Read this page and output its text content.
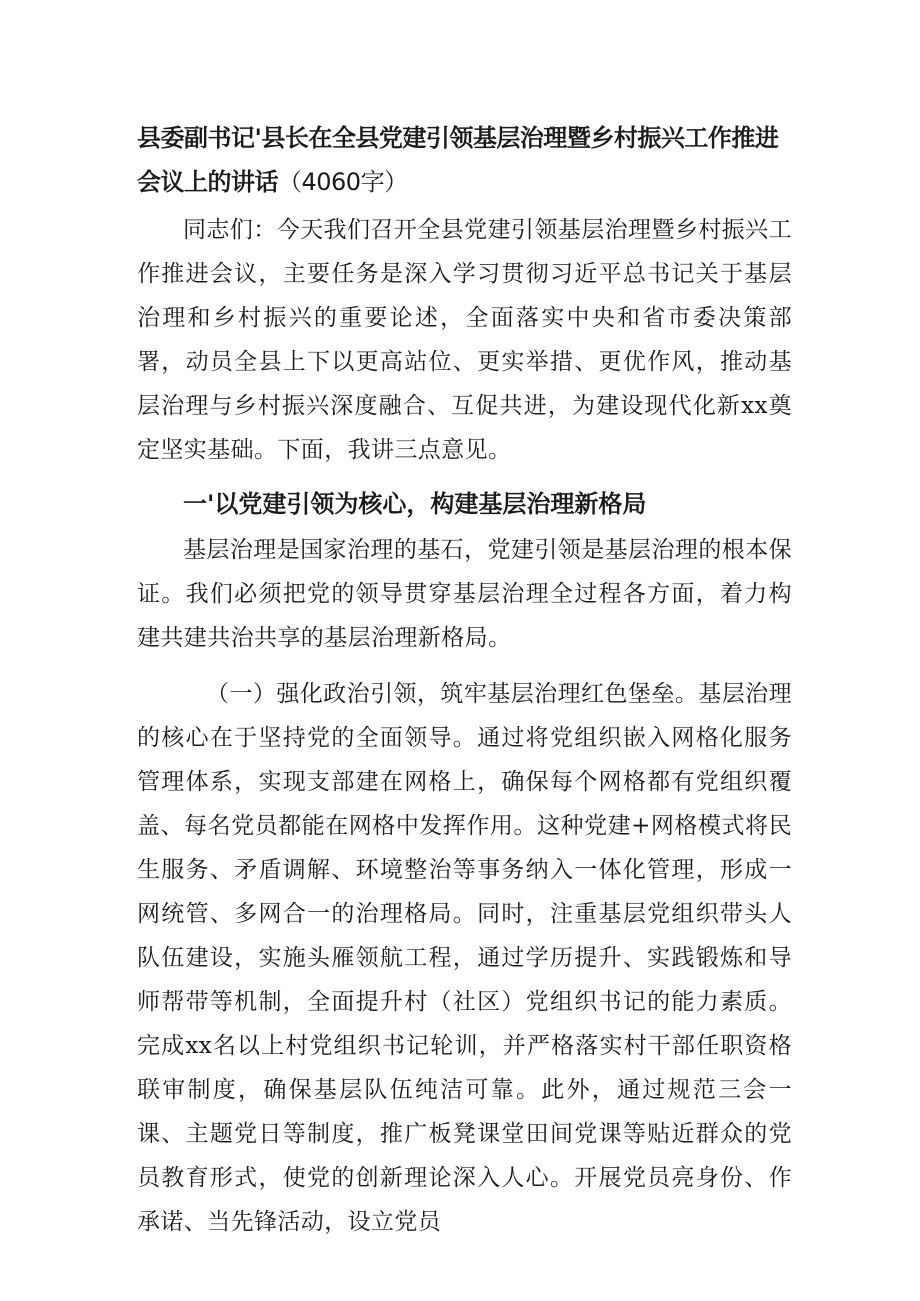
县委副书记'县长在全县党建引领基层治理暨乡村振兴工作推进会议上的讲话（4060字）

同志们：今天我们召开全县党建引领基层治理暨乡村振兴工作推进会议，主要任务是深入学习贯彻习近平总书记关于基层治理和乡村振兴的重要论述，全面落实中央和省市委决策部署，动员全县上下以更高站位、更实举措、更优作风，推动基层治理与乡村振兴深度融合、互促共进，为建设现代化新xx奠定坚实基础。下面，我讲三点意见。

一'以党建引领为核心，构建基层治理新格局

基层治理是国家治理的基石，党建引领是基层治理的根本保证。我们必须把党的领导贯穿基层治理全过程各方面，着力构建共建共治共享的基层治理新格局。

（一）强化政治引领，筑牢基层治理红色堡垒。基层治理的核心在于坚持党的全面领导。通过将党组织嵌入网格化服务管理体系，实现支部建在网格上，确保每个网格都有党组织覆盖、每名党员都能在网格中发挥作用。这种党建+网格模式将民生服务、矛盾调解、环境整治等事务纳入一体化管理，形成一网统管、多网合一的治理格局。同时，注重基层党组织带头人队伍建设，实施头雁领航工程，通过学历提升、实践锻炼和导师帮带等机制，全面提升村（社区）党组织书记的能力素质。完成xx名以上村党组织书记轮训，并严格落实村干部任职资格联审制度，确保基层队伍纯洁可靠。此外，通过规范三会一课、主题党日等制度，推广板凳课堂田间党课等贴近群众的党员教育形式，使党的创新理论深入人心。开展党员亮身份、作承诺、当先锋活动，设立党员
